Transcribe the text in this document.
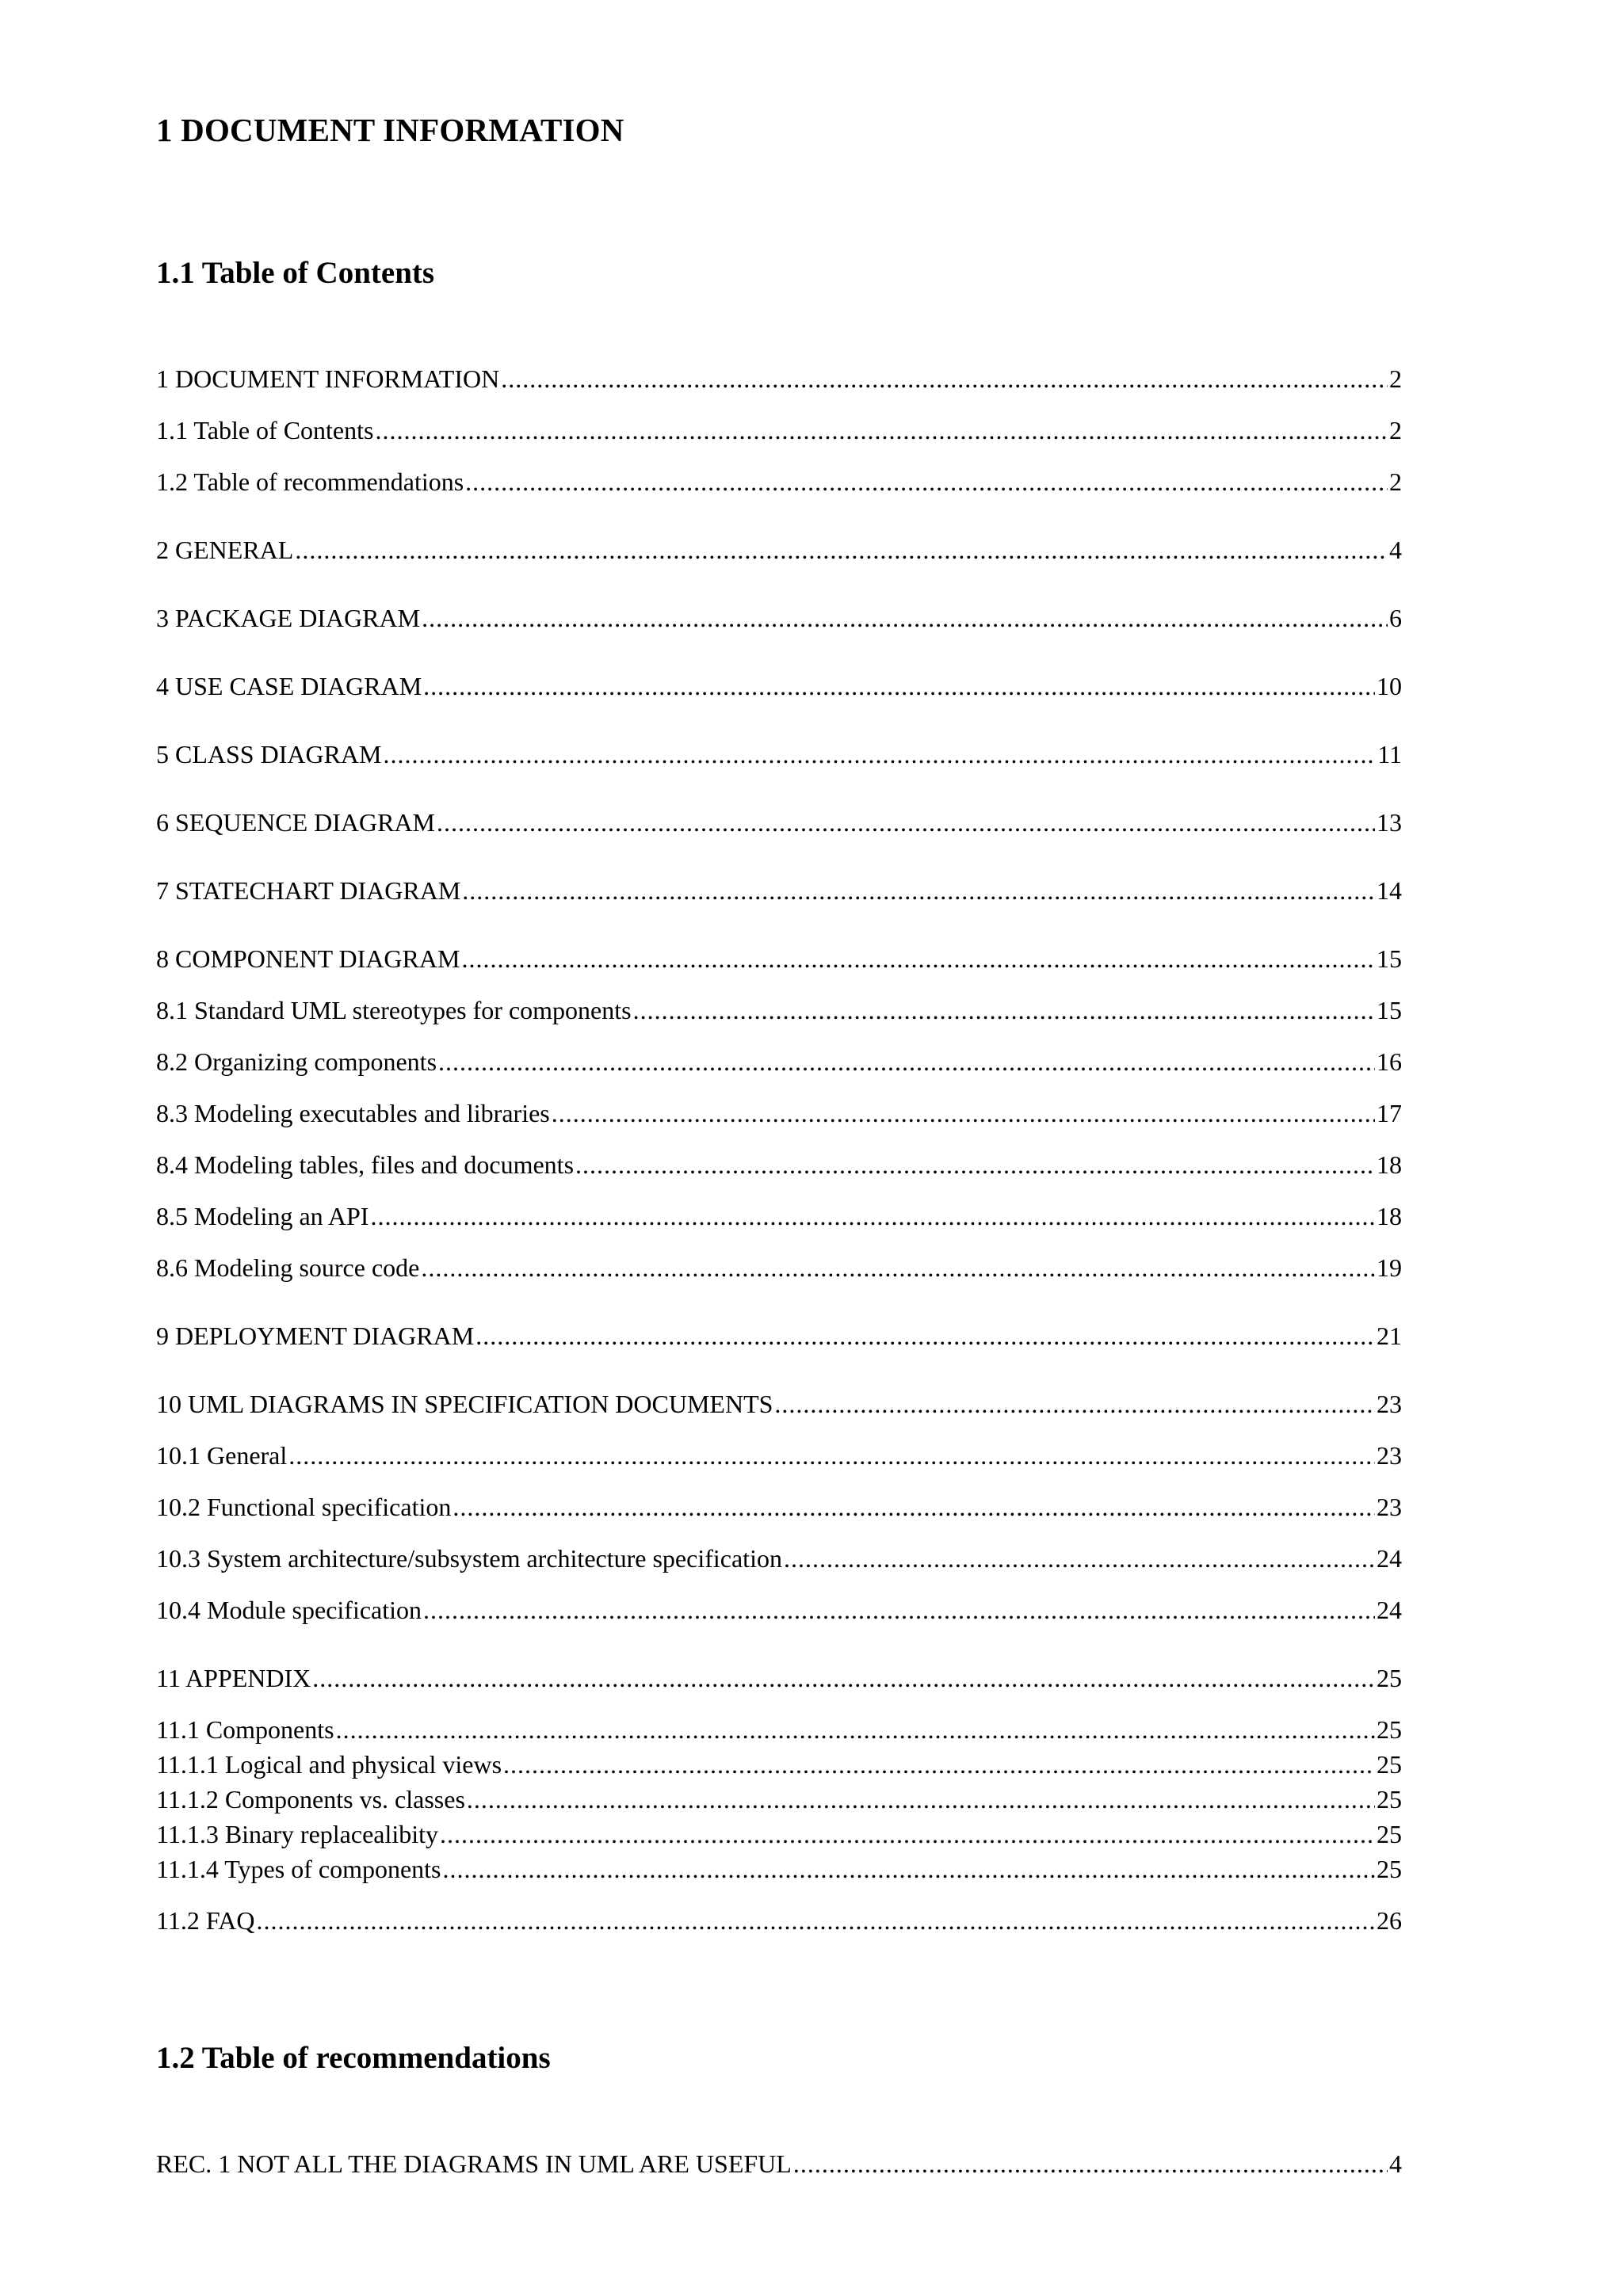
1 DOCUMENT INFORMATION
1.1 Table of Contents
1 DOCUMENT INFORMATION .....	2
1.1 Table of Contents .....	2
1.2 Table of recommendations .....	2
2 GENERAL .....	4
3 PACKAGE DIAGRAM .....	6
4 USE CASE DIAGRAM .....	10
5 CLASS DIAGRAM .....	11
6 SEQUENCE DIAGRAM .....	13
7 STATECHART DIAGRAM .....	14
8 COMPONENT DIAGRAM .....	15
8.1 Standard UML stereotypes for components .....	15
8.2 Organizing components .....	16
8.3 Modeling executables and libraries .....	17
8.4 Modeling tables, files and documents .....	18
8.5 Modeling an API .....	18
8.6 Modeling source code .....	19
9 DEPLOYMENT DIAGRAM .....	21
10 UML DIAGRAMS IN SPECIFICATION DOCUMENTS .....	23
10.1 General .....	23
10.2 Functional specification .....	23
10.3 System architecture/subsystem architecture specification .....	24
10.4 Module specification .....	24
11 APPENDIX .....	25
11.1 Components .....	25
11.1.1 Logical and physical views .....	25
11.1.2 Components vs. classes .....	25
11.1.3 Binary replacealibity .....	25
11.1.4 Types of components .....	25
11.2 FAQ .....	26
1.2 Table of recommendations
REC. 1 NOT ALL THE DIAGRAMS IN UML ARE USEFUL .....	4
